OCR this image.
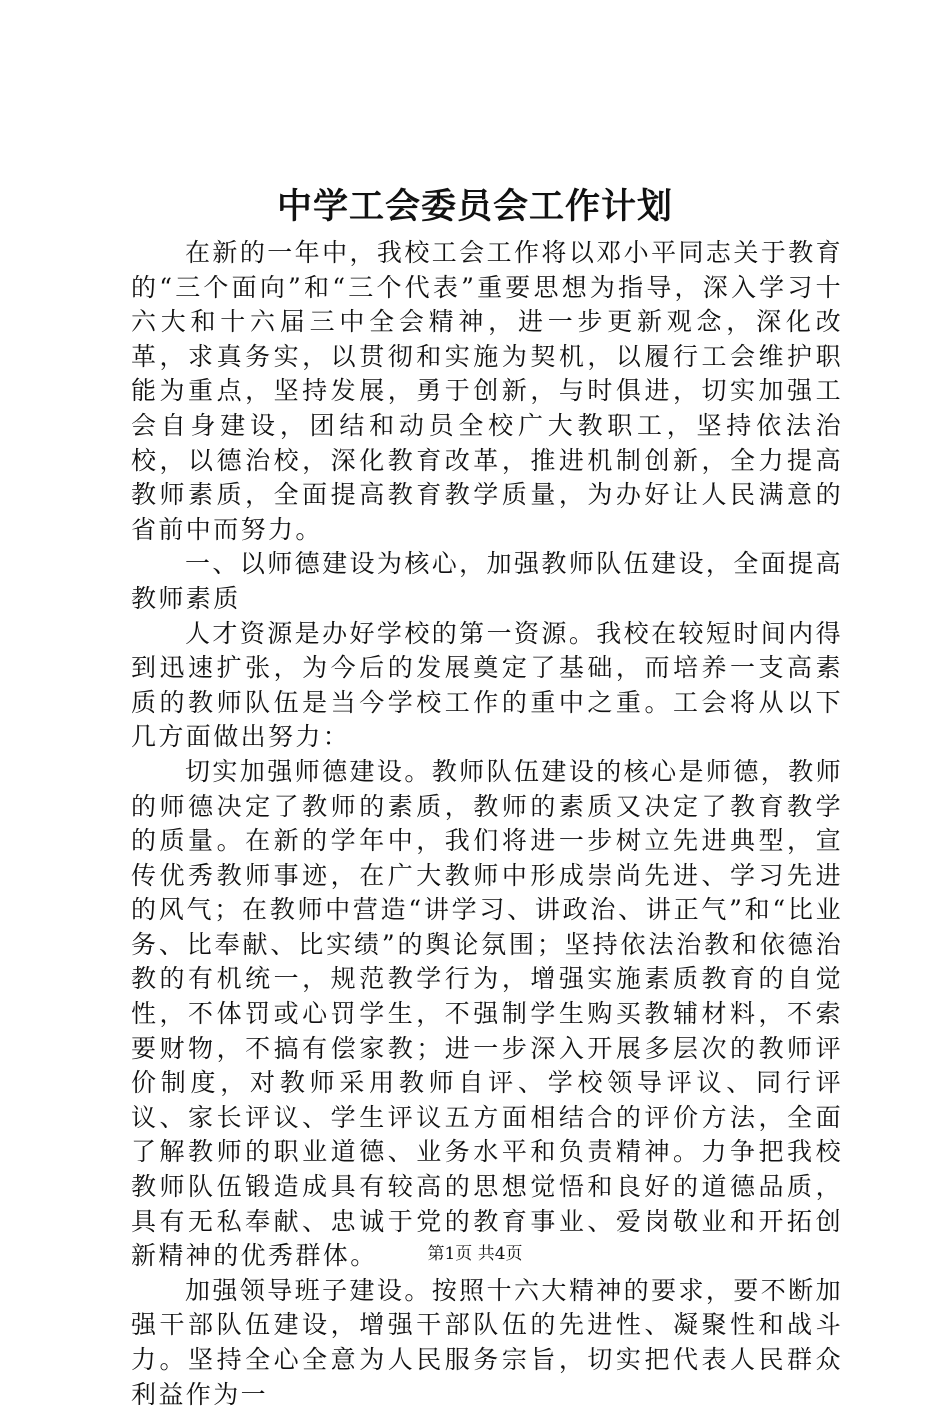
中学工会委员会工作计划

在新的一年中，我校工会工作将以邓小平同志关于教育的“三个面向”和“三个代表”重要思想为指导，深入学习十六大和十六届三中全会精神，进一步更新观念，深化改革，求真务实，以贯彻和实施为契机，以履行工会维护职能为重点，坚持发展，勇于创新，与时俱进，切实加强工会自身建设，团结和动员全校广大教职工，坚持依法治校，以德治校，深化教育改革，推进机制创新，全力提高教师素质，全面提高教育教学质量，为办好让人民满意的省前中而努力。

一、以师德建设为核心，加强教师队伍建设，全面提高教师素质

人才资源是办好学校的第一资源。我校在较短时间内得到迅速扩张，为今后的发展奠定了基础，而培养一支高素质的教师队伍是当今学校工作的重中之重。工会将从以下几方面做出努力：

切实加强师德建设。教师队伍建设的核心是师德，教师的师德决定了教师的素质，教师的素质又决定了教育教学的质量。在新的学年中，我们将进一步树立先进典型，宣传优秀教师事迹，在广大教师中形成崇尚先进、学习先进的风气；在教师中营造“讲学习、讲政治、讲正气”和“比业务、比奉献、比实绩”的舆论氛围；坚持依法治教和依德治教的有机统一，规范教学行为，增强实施素质教育的自觉性，不体罚或心罚学生，不强制学生购买教辅材料，不索要财物，不搞有偿家教；进一步深入开展多层次的教师评价制度，对教师采用教师自评、学校领导评议、同行评议、家长评议、学生评议五方面相结合的评价方法，全面了解教师的职业道德、业务水平和负责精神。力争把我校教师队伍锻造成具有较高的思想觉悟和良好的道德品质，具有无私奉献、忠诚于党的教育事业、爱岗敬业和开拓创新精神的优秀群体。

加强领导班子建设。按照十六大精神的要求，要不断加强干部队伍建设，增强干部队伍的先进性、凝聚性和战斗力。坚持全心全意为人民服务宗旨，切实把代表人民群众利益作为一

第1页 共4页
